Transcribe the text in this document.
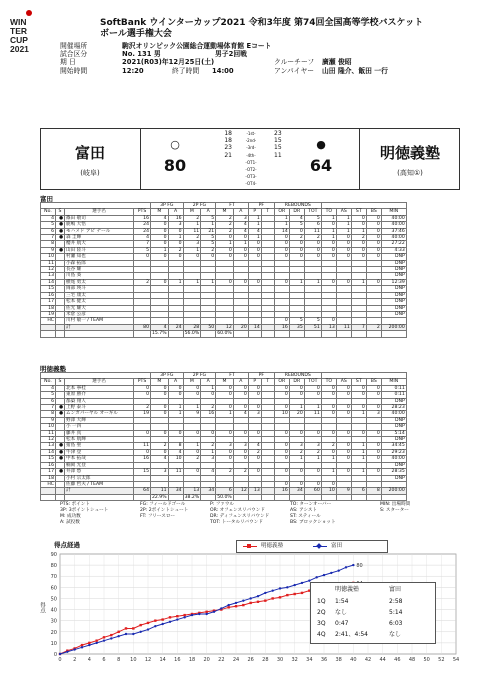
WIN
TER
CUP
2021
SoftBank ウインターカップ2021 令和3年度 第74回全国高等学校バスケット
ボール選手権大会
開催場所	駒沢オリンピック公園総合運動場体育館 Eコート
試合区分	No. 131 男	男子2回戦
期 日	2021(R03)年12月25日(土)	クルーチーフ 廣瀬 俊昭
開始時間	12:20	終了時間 14:00	アンパイヤー 山田 隆介、飯田 一行
富田
(岐阜)
○
80
18	-1st-	23
18	-2nd-	15
23	-3rd-	15
21	-4th-	11
-OT1-
-OT2-
-OT3-
-OT4-
●
64
明徳義塾
(高知①)
富田
				3P FG		2P FG		FT		PF		REBOUNDS							
No.	S	選手名	PTS	M	A	M	A	M	A	P	T	OR	DR	TOT	TO	AS	ST	BS	MIN
4	●	篠田 敬司	16	4	16	2	5	2	3	1		1	4	5	1	1	0	0	40:00
5	●	鹿嶋 大悟	24	0	3	1	1	2	4	1		1	5	6	0	1	0	0	40:00
6	●	モハメド アピ ナール	24	0	0	11	21	2	4	4		14	0	11	1	1	1	0	37:46
7	●	森 圭輝	4	0	1	2	5	0	0	1		0	2	2	1	0	2	0	40:00
8		櫻井 航大	7	0	0	3	5	1	1	0		0	0	0	0	0	0	0	27:22
9	●	山田 陸斗	5	1	2	1	2	0	0	0		0	0	0	0	0	0	0	4:33
10		村瀬 知也	0	0	0	0	0	0	0	0		0	0	0	0	0	0	0	DNP
11		小森 拓郎																	DNP
12		長谷 耀																	DNP
13		川島 葵																	DNP
14		横尾 勇太	2	0	1	1	1	0	0	0		0	1	1	0	0	1	0	12:39
15		岡部 瑛斗																	DNP
16		三宅 康太																	DNP
17		松本 健太																	DNP
18		佐光 耀大																	DNP
19		米倉 公彦																	DNP
HC		川村 敏一 / TEAM										0	5	5	0				
		計	80	4	24	28	50	12	20	14		16	35	51	13	11	7	2	200:00
				15.7%		56.0%		60.0%											
明徳義塾
				3P FG		2P FG		FT		PF		REBOUNDS							
No.	S	選手名	PTS	M	A	M	A	M	A	P	T	OR	DR	TOT	TO	AS	ST	BS	MIN
4		北本 寧桂	0	0	0	0	1	0	0	0		0	0	0	0	0	0	0	0:11
5		東原 勝介	0	0	0	0	0	0	0	0		0	0	0	0	0	0	0	0:11
6		都築 翔人																	DNP
7	●	上野 泰斗	2	0	1	1	2	0	0	0		0	1	1	0	0	0	0	28:23
8	●	ムンガパーヤル オーギル	19	0	1	9	16	1	4	3		10	20	11	0	0	1	3	40:00
9		野澤 大輝																	DNP
10		小 一四																	DNP
11		藤井 真	0	0	0	0	0	0	0	0		0	0	0	0	0	0	0	5:14
12		松本 航輝																	DNP
13	●	猪島 聖	11	2	8	1	2	3	3	4		0	3	3	2	0	1	0	34:45
14	●	牛津 登	0	0	4	0	1	0	0	2		0	2	2	0	0	1	0	29:23
15	●	中本 拓哉	16	4	10	2	3	0	0	0		0	1	1	1	0	1	0	40:00
16		楠岡 光登																	DNP
17	●	井澤 愁	15	3	11	0	4	2	2	0		0	0	0	1	0	1	0	28:35
18		小村 宗太郎																	DNP
HC		佐藤 哲夫 / TEAM										0	0	0	0				
		計	64	11	34	13	34	6	12	13		16	34	60	10	9	6	8	200:00
				22.9%		38.2%		50.0%											
PTS: ポイント
3P: 3ポイントシュート
M: 成功数
A: 試投数
FG: フィールドゴール
2P: 2ポイントシュート
FT: フリースロー
P: ファウル
OR: オフェンスリバウンド
DR: ディフェンスリバウンド
TOT: トータルリバウンド
TO: ターンオーバー
AS: アシスト
ST: スティール
BS: ブロックショット
MIN: 出場時間
S: スターター
得点経過
得点
0
10
20
30
40
50
60
70
80
90
0 2 4 6 8 10 12 14 16 18 20 22 24 26 28 30 32 34 36 38 40 42 44 46 48 50 52 54
80
明徳義塾	富田
明徳義塾	富田
1Q 1:54	2:58
2Q なし	5:14
3Q 0:47	6:03
4Q 2:41、4:54	なし
